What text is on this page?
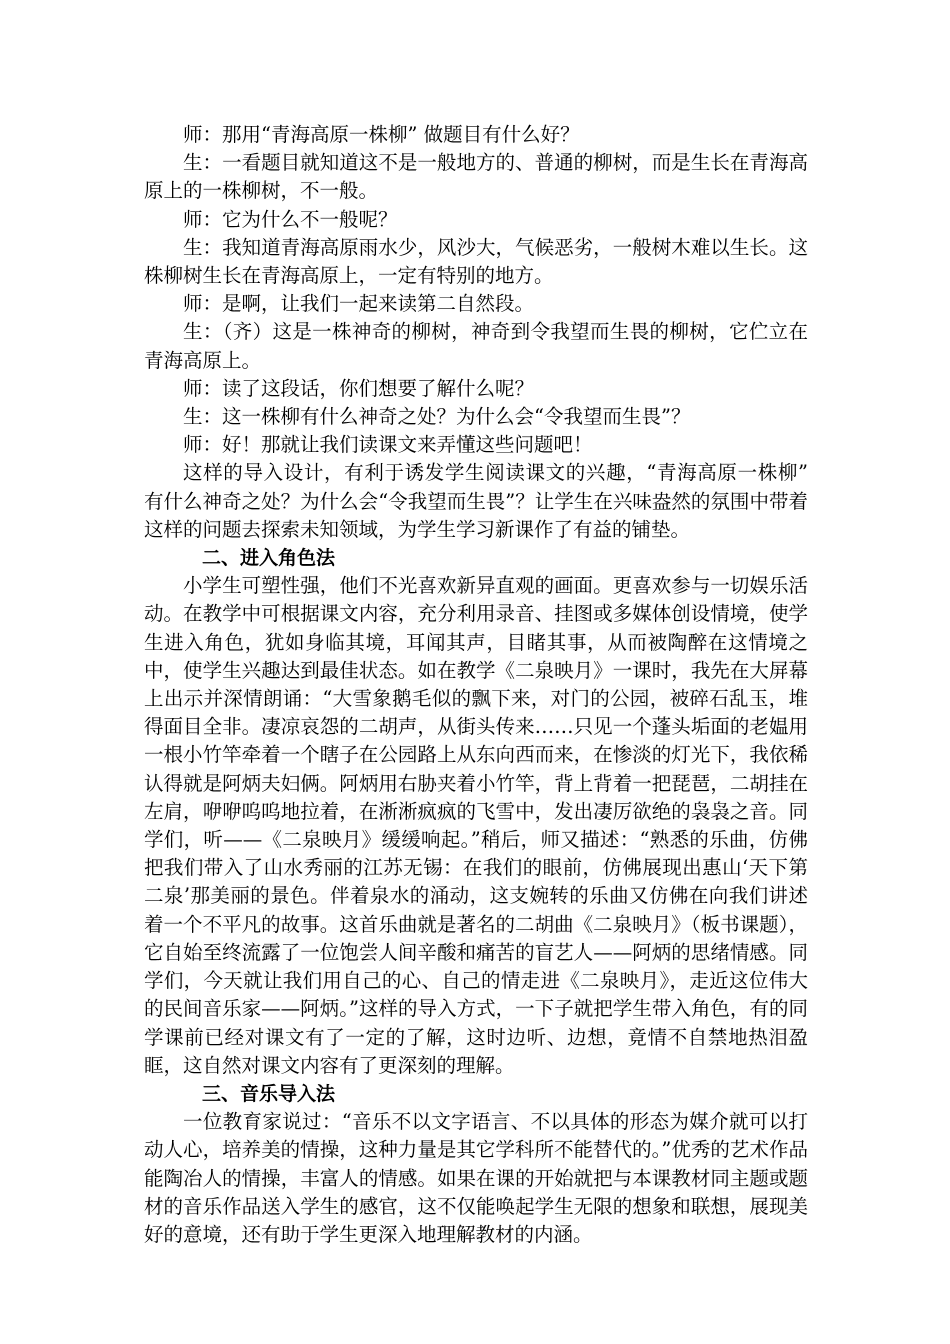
师：那用“青海高原一株柳” 做题目有什么好？

生：一看题目就知道这不是一般地方的、普通的柳树，而是生长在青海高原上的一株柳树，不一般。

师：它为什么不一般呢？

生：我知道青海高原雨水少，风沙大，气候恶劣，一般树木难以生长。这株柳树生长在青海高原上，一定有特别的地方。

师：是啊，让我们一起来读第二自然段。

生：（齐）这是一株神奇的柳树，神奇到令我望而生畏的柳树，它伫立在青海高原上。

师：读了这段话，你们想要了解什么呢？

生：这一株柳有什么神奇之处？为什么会“令我望而生畏”？

师：好！那就让我们读课文来弄懂这些问题吧！

这样的导入设计，有利于诱发学生阅读课文的兴趣，“青海高原一株柳” 有什么神奇之处？为什么会“令我望而生畏”？让学生在兴味盎然的氛围中带着这样的问题去探索未知领域，为学生学习新课作了有益的铺垫。

二、进入角色法

小学生可塑性强，他们不光喜欢新异直观的画面。更喜欢参与一切娱乐活动。在教学中可根据课文内容，充分利用录音、挂图或多媒体创设情境，使学生进入角色，犹如身临其境，耳闻其声，目睹其事，从而被陶醉在这情境之中，使学生兴趣达到最佳状态。如在教学《二泉映月》一课时，我先在大屏幕上出示并深情朗诵：“大雪象鹅毛似的飘下来，对门的公园，被碎石乱玉，堆得面目全非。凄凉哀怨的二胡声，从街头传来……只见一个蓬头垢面的老媪用一根小竹竿牵着一个瞎子在公园路上从东向西而来，在惨淡的灯光下，我依稀认得就是阿炳夫妇俩。阿炳用右胁夹着小竹竿，背上背着一把琵琶，二胡挂在左肩，咿咿呜呜地拉着，在淅淅疯疯的飞雪中，发出凄厉欲绝的袅袅之音。同学们，听——《二泉映月》缓缓响起。”稍后，师又描述：“熟悉的乐曲，仿佛把我们带入了山水秀丽的江苏无锡：在我们的眼前，仿佛展现出惠山‘天下第二泉’那美丽的景色。伴着泉水的涌动，这支婉转的乐曲又仿佛在向我们讲述着一个不平凡的故事。这首乐曲就是著名的二胡曲《二泉映月》（板书课题），它自始至终流露了一位饱尝人间辛酸和痛苦的盲艺人——阿炳的思绪情感。同学们，今天就让我们用自己的心、自己的情走进《二泉映月》，走近这位伟大的民间音乐家——阿炳。”这样的导入方式，一下子就把学生带入角色，有的同学课前已经对课文有了一定的了解，这时边听、边想，竟情不自禁地热泪盈眶，这自然对课文内容有了更深刻的理解。

三、音乐导入法

一位教育家说过：“音乐不以文字语言、不以具体的形态为媒介就可以打动人心，培养美的情操，这种力量是其它学科所不能替代的。”优秀的艺术作品能陶冶人的情操，丰富人的情感。如果在课的开始就把与本课教材同主题或题材的音乐作品送入学生的感官，这不仅能唤起学生无限的想象和联想，展现美好的意境，还有助于学生更深入地理解教材的内涵。
